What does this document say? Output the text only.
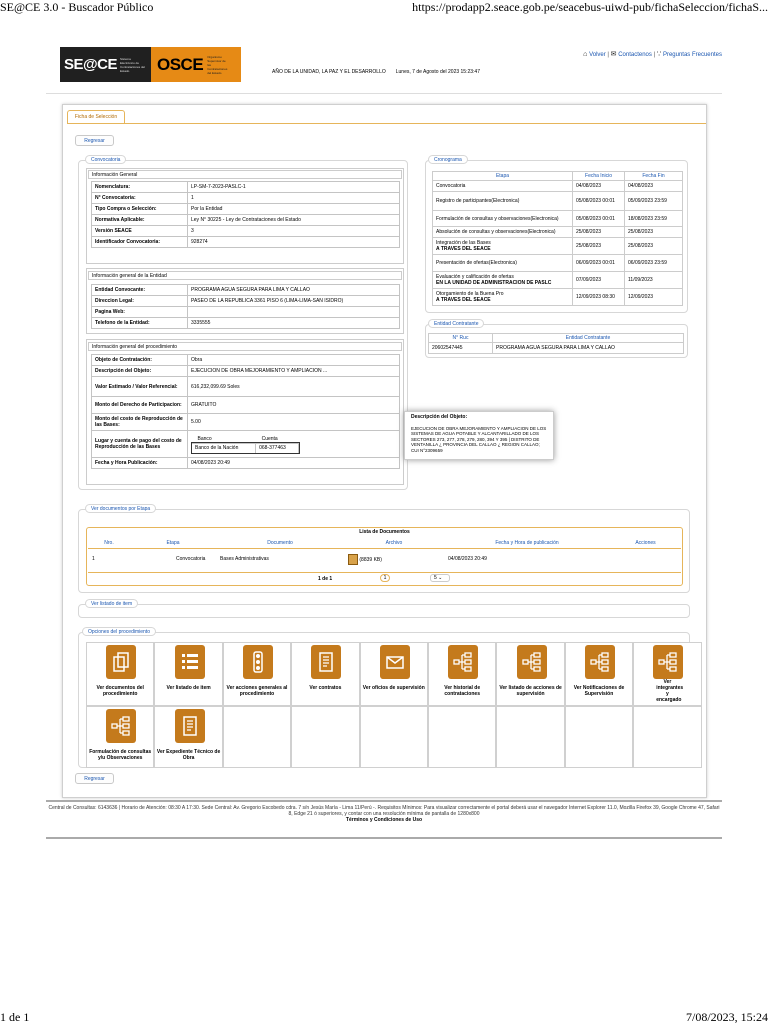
SE@CE 3.0 - Buscador Público	https://prodapp2.seace.gob.pe/seacebus-uiwd-pub/fichaSeleccion/fichaS...
SE@CE Sistema Electrónico de Contrataciones del Estado	OSCE Organismo Supervisor de las Contrataciones del Estado
⌂ Volver | ✉ Contactenos | ∵ Preguntas Frecuentes
AÑO DE LA UNIDAD, LA PAZ Y EL DESARROLLO Lunes, 7 de Agosto del 2023 15:23:47
Ficha de Selección
Regresar
Convocatoria
Información General
Nomenclatura:	LP-SM-7-2023-PASLC-1
N° Convocatoria:	1
Tipo Compra o Selección:	Por la Entidad
Normativa Aplicable:	Ley N° 30225 - Ley de Contrataciones del Estado
Versión SEACE	3
Identificador Convocatoria:	928274
Información general de la Entidad
Entidad Convocante:	PROGRAMA AGUA SEGURA PARA LIMA Y CALLAO
Direccion Legal:	PASEO DE LA REPUBLICA 3361 PISO 6 (LIMA-LIMA-SAN ISIDRO)
Pagina Web:	
Telefono de la Entidad:	3335555
Información general del procedimiento
Objeto de Contratación:	Obra
Descripción del Objeto:	EJECUCION DE OBRA MEJORAMIENTO Y AMPLIACION ...
Valor Estimado / Valor Referencial:	616,232,099.69 Soles
Monto del Derecho de Participacion:	GRATUITO
Monto del costo de Reproducción de las Bases:	5.00
Lugar y cuenta de pago del costo de Reproducción de las Bases	
Banco	Cuenta
Banco de la Nación	068-377463

Fecha y Hora Publicación:	04/08/2023 20:49
Cronograma
Etapa	Fecha Inicio	Fecha Fin
Convocatoria	04/08/2023	04/08/2023
Registro de participantes(Electronica)	05/08/2023 00:01	05/09/2023 23:59
Formulación de consultas y observaciones(Electronica)	05/08/2023 00:01	18/08/2023 23:59
Absolución de consultas y observaciones(Electronica)	25/08/2023	25/08/2023
Integración de las Bases
A TRAVES DEL SEACE	25/08/2023	25/08/2023
Presentación de ofertas(Electronica)	06/09/2023 00:01	06/09/2023 23:59
Evaluación y calificación de ofertas
EN LA UNIDAD DE ADMINISTRACION DE PASLC	07/09/2023	11/09/2023
Otorgamiento de la Buena Pro
A TRAVES DEL SEACE	12/09/2023 08:30	12/09/2023
Entidad Contratante
N° Ruc	Entidad Contratante
20602547445	PROGRAMA AGUA SEGURA PARA LIMA Y CALLAO
Descripción del Objeto:
EJECUCION DE OBRA MEJORAMIENTO Y AMPLIACION DE LOS SISTEMAS DE AGUA POTABLE Y ALCANTARILLADO DE LOS SECTORES 273, 277, 278, 279, 280, 394 Y 395 | DISTRITO DE VENTANILLA ¿ PROVINCIA DEL CALLAO ¿ REGION CALLAO; CUI N°2309659
Ver documentos por Etapa
Lista de Documentos
Nro.	Etapa	Documento	Archivo	Fecha y Hora de publicación	Acciones
1	Convocatoria	Bases Administrativas	(8839 KB)	04/08/2023 20:49	
1 de 1	1	5 ⌄
Ver listado de item
Opciones del procedimiento
Ver documentos del procedimiento
Ver listado de item	Ver acciones generales al procedimiento
Ver contratos	Ver oficios de supervisión	Ver historial de contrataciones
Ver listado de acciones de supervisión
Ver Notificaciones de Supervisión
Ver integrantes y encargado
Formulación de consultas y/u Observaciones
Ver Expediente Técnico de Obra
Regresar
Central de Consultas: 6143636 | Horario de Atención: 08:30 A 17:30. Sede Central: Av. Gregorio Escobedo cdra. 7 s/n Jesús María - Lima 11/Perú -. Requisitos Mínimos: Para visualizar correctamente el portal deberá usar el navegador Internet Explorer 11.0, Mozilla Firefox 39, Google Chrome 47, Safari 8, Edge 21 ó superiores, y contar con una resolución mínima de pantalla de 1280x800
Términos y Condiciones de Uso
1 de 1	7/08/2023, 15:24
